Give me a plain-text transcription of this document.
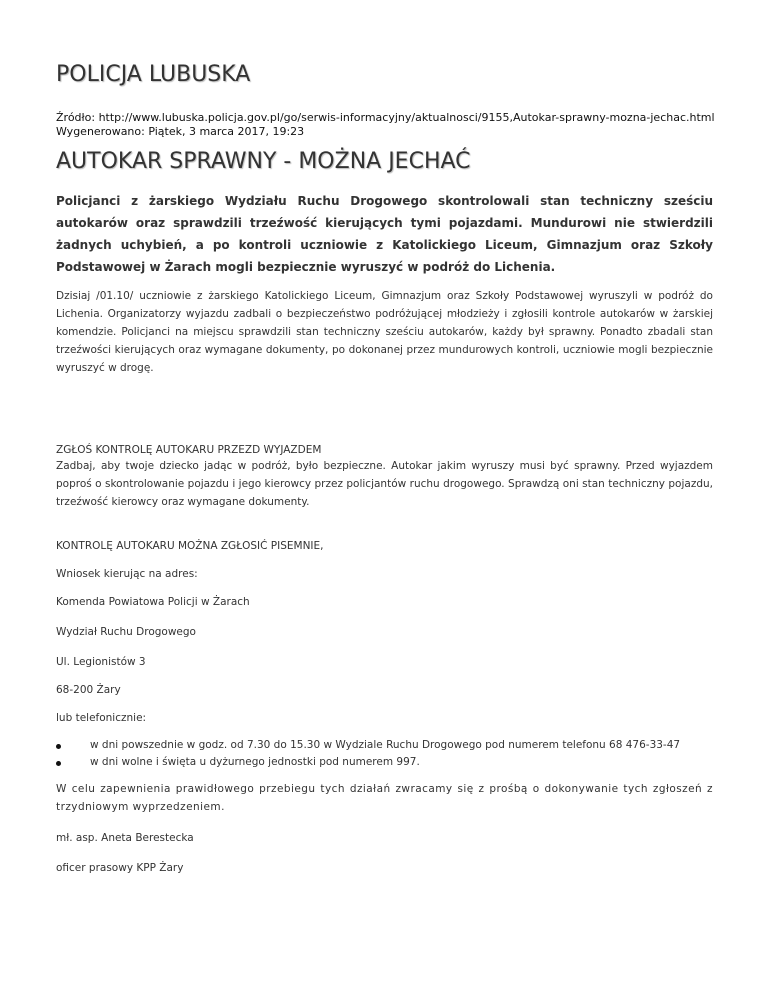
POLICJA LUBUSKA
Źródło: http://www.lubuska.policja.gov.pl/go/serwis-informacyjny/aktualnosci/9155,Autokar-sprawny-mozna-jechac.html
Wygenerowano: Piątek, 3 marca 2017, 19:23
AUTOKAR SPRAWNY - MOŻNA JECHAĆ

Policjanci z żarskiego Wydziału Ruchu Drogowego skontrolowali stan techniczny sześciu autokarów oraz sprawdzili trzeźwość kierujących tymi pojazdami. Mundurowi nie stwierdzili żadnych uchybień, a po kontroli uczniowie z Katolickiego Liceum, Gimnazjum oraz Szkoły Podstawowej w Żarach mogli bezpiecznie wyruszyć w podróż do Lichenia.

Dzisiaj /01.10/ uczniowie z żarskiego Katolickiego Liceum, Gimnazjum oraz Szkoły Podstawowej wyruszyli w podróż do Lichenia. Organizatorzy wyjazdu zadbali o bezpieczeństwo podróżującej młodzieży i zgłosili kontrole autokarów w żarskiej komendzie. Policjanci na miejscu sprawdzili stan techniczny sześciu autokarów, każdy był sprawny. Ponadto zbadali stan trzeźwości kierujących oraz wymagane dokumenty, po dokonanej przez mundurowych kontroli, uczniowie mogli bezpiecznie wyruszyć w drogę.

ZGŁOŚ KONTROLĘ AUTOKARU PRZEZD WYJAZDEM

Zadbaj, aby twoje dziecko jadąc w podróż, było bezpieczne. Autokar jakim wyruszy musi być sprawny. Przed wyjazdem poproś o skontrolowanie pojazdu i jego kierowcy przez policjantów ruchu drogowego. Sprawdzą oni stan techniczny pojazdu, trzeźwość kierowcy oraz wymagane dokumenty.

KONTROLĘ AUTOKARU MOŻNA ZGŁOSIĆ PISEMNIE,

Wniosek kierując na adres:

Komenda Powiatowa Policji w Żarach

Wydział Ruchu Drogowego

Ul. Legionistów 3

68-200 Żary

lub telefonicznie:

w dni powszednie w godz. od 7.30 do 15.30 w Wydziale Ruchu Drogowego pod numerem telefonu 68 476-33-47
w dni wolne i święta u dyżurnego jednostki pod numerem 997.

W celu zapewnienia prawidłowego przebiegu tych działań zwracamy się z prośbą o dokonywanie tych zgłoszeń z trzydniowym wyprzedzeniem.

mł. asp. Aneta Berestecka

oficer prasowy KPP Żary
